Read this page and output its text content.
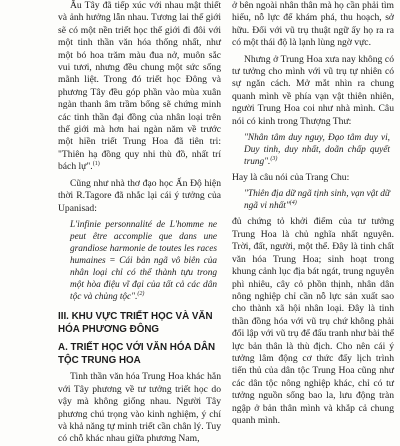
Âu Tây đã tiếp xúc với nhau mật thiết và ảnh hưởng lẫn nhau. Tương lai thế giới sẽ có một nền triết học thế giới đi đôi với một tinh thần văn hóa thống nhất, như một bó hoa trăm màu đua nở, muôn sắc vui tươi, nhưng đều chung một sức sống mãnh liệt. Trong đó triết học Đông và phương Tây đều góp phần vào mùa xuân ngàn thanh âm trầm bổng sẽ chứng minh các tinh thần đại đồng của nhân loại trên thế giới mà hơn hai ngàn năm về trước một hiền triết Trung Hoa đã tiên tri: "Thiên hạ đồng quy nhi thù đồ, nhất trí bách lự".$^{(1)}$

Cũng như nhà thơ đạo học Ấn Độ hiện thời R.Tagore đã nhắc lại cái ý tưởng của Upanisad:

L'infinie personnalité de L'homme ne peut être accomplie que dans une grandiose harmonie de toutes les races humaines = Cái bản ngã vô biên của nhân loại chỉ có thể thành tựu trong một hòa điệu vĩ đại của tất cả các dân tộc và chủng tộc".$^{(2)}$

III. KHU VỰC TRIẾT HỌC VÀ VĂN HÓA PHƯƠNG ĐÔNG

A. TRIẾT HỌC VỚI VĂN HÓA DÂN TỘC TRUNG HOA

Tinh thần văn hóa Trung Hoa khác hẳn với Tây phương về tư tưởng triết học do vậy mà không giống nhau. Người Tây phương chú trọng vào kinh nghiệm, ý chí và khả năng tự minh triết cần chân lý. Tuy có chỗ khác nhau giữa phương Nam,

ở bên ngoài nhân thân mà họ cần phải tìm hiểu, nỗ lực để khám phá, thu hoạch, sở hữu. Đối với vũ trụ thuật ngữ ấy họ ra ra có một thái độ là lạnh lùng ngờ vực.

Nhưng ở Trung Hoa xưa nay không có tư tưởng cho mình với vũ trụ tự nhiên có sự ngăn cách. Mở mắt nhìn ra chung quanh mình về phía vạn vật thiên nhiên, người Trung Hoa coi như nhà mình. Câu nói có kinh trong Thượng Thư:

"Nhân tâm duy nguy, Đạo tâm duy vi, Duy tinh, duy nhất, doãn chấp quyết trung".$^{(3)}$

Hay là câu nói của Trang Chu:

"Thiên địa dữ ngã tịnh sinh, vạn vật dữ ngã vi nhất"$^{(4)}$

đủ chứng tỏ khởi điểm của tư tưởng Trung Hoa là chủ nghĩa nhất nguyên. Trời, đất, người, một thể. Đây là tinh chất văn hóa Trung Hoa; sinh hoạt trong khung cảnh lục địa bát ngát, trung nguyên phì nhiêu, cây cỏ phồn thịnh, nhân dân nông nghiệp chỉ cần nỗ lực sản xuất sao cho thành xã hội nhân loại. Đây là tinh thần đồng hóa với vũ trụ chứ không phải đối lập với vũ trụ để đấu tranh như bài thể lực bản thân là thù địch. Cho nên cái ý tưởng lâm động cơ thức đấy lịch trình tiến thủ của dân tộc Trung Hoa cũng như các dân tộc nông nghiệp khác, chỉ có tư tưởng nguồn sống bao la, lưu động tràn ngập ở bản thân mình và khắp cả chung quanh mình.
